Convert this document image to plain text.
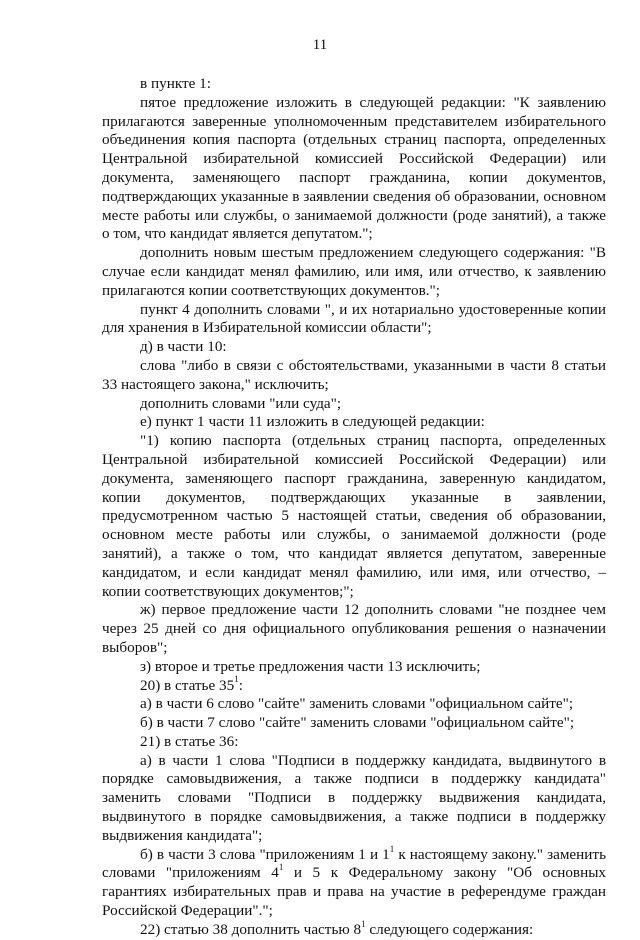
11

в пункте 1:

пятое предложение изложить в следующей редакции: "К заявлению прилагаются заверенные уполномоченным представителем избирательного объединения копия паспорта (отдельных страниц паспорта, определенных Центральной избирательной комиссией Российской Федерации) или документа, заменяющего паспорт гражданина, копии документов, подтверждающих указанные в заявлении сведения об образовании, основном месте работы или службы, о занимаемой должности (роде занятий), а также о том, что кандидат является депутатом.";

дополнить новым шестым предложением следующего содержания: "В случае если кандидат менял фамилию, или имя, или отчество, к заявлению прилагаются копии соответствующих документов.";

пункт 4 дополнить словами ", и их нотариально удостоверенные копии для хранения в Избирательной комиссии области";

д) в части 10:

слова "либо в связи с обстоятельствами, указанными в части 8 статьи 33 настоящего закона," исключить;

дополнить словами "или суда";

е) пункт 1 части 11 изложить в следующей редакции:

"1) копию паспорта (отдельных страниц паспорта, определенных Центральной избирательной комиссией Российской Федерации) или документа, заменяющего паспорт гражданина, заверенную кандидатом, копии документов, подтверждающих указанные в заявлении, предусмотренном частью 5 настоящей статьи, сведения об образовании, основном месте работы или службы, о занимаемой должности (роде занятий), а также о том, что кандидат является депутатом, заверенные кандидатом, и если кандидат менял фамилию, или имя, или отчество, – копии соответствующих документов;";

ж) первое предложение части 12 дополнить словами "не позднее чем через 25 дней со дня официального опубликования решения о назначении выборов";

з) второе и третье предложения части 13 исключить;

20) в статье $35^1$:

a) в части 6 слово "сайте" заменить словами "официальном сайте";

б) в части 7 слово "сайте" заменить словами "официальном сайте";

21) в статье 36:

а) в части 1 слова "Подписи в поддержку кандидата, выдвинутого в порядке самовыдвижения, а также подписи в поддержку кандидата" заменить словами "Подписи в поддержку выдвижения кандидата, выдвинутого в порядке самовыдвижения, а также подписи в поддержку выдвижения кандидата";

б) в части 3 слова "приложениям 1 и $1^1$ к настоящему закону." заменить словами "приложениям $4^1$ и 5 к Федеральному закону "Об основных гарантиях избирательных прав и права на участие в референдуме граждан Российской Федерации".";

22) статью 38 дополнить частью $8^1$ следующего содержания:
